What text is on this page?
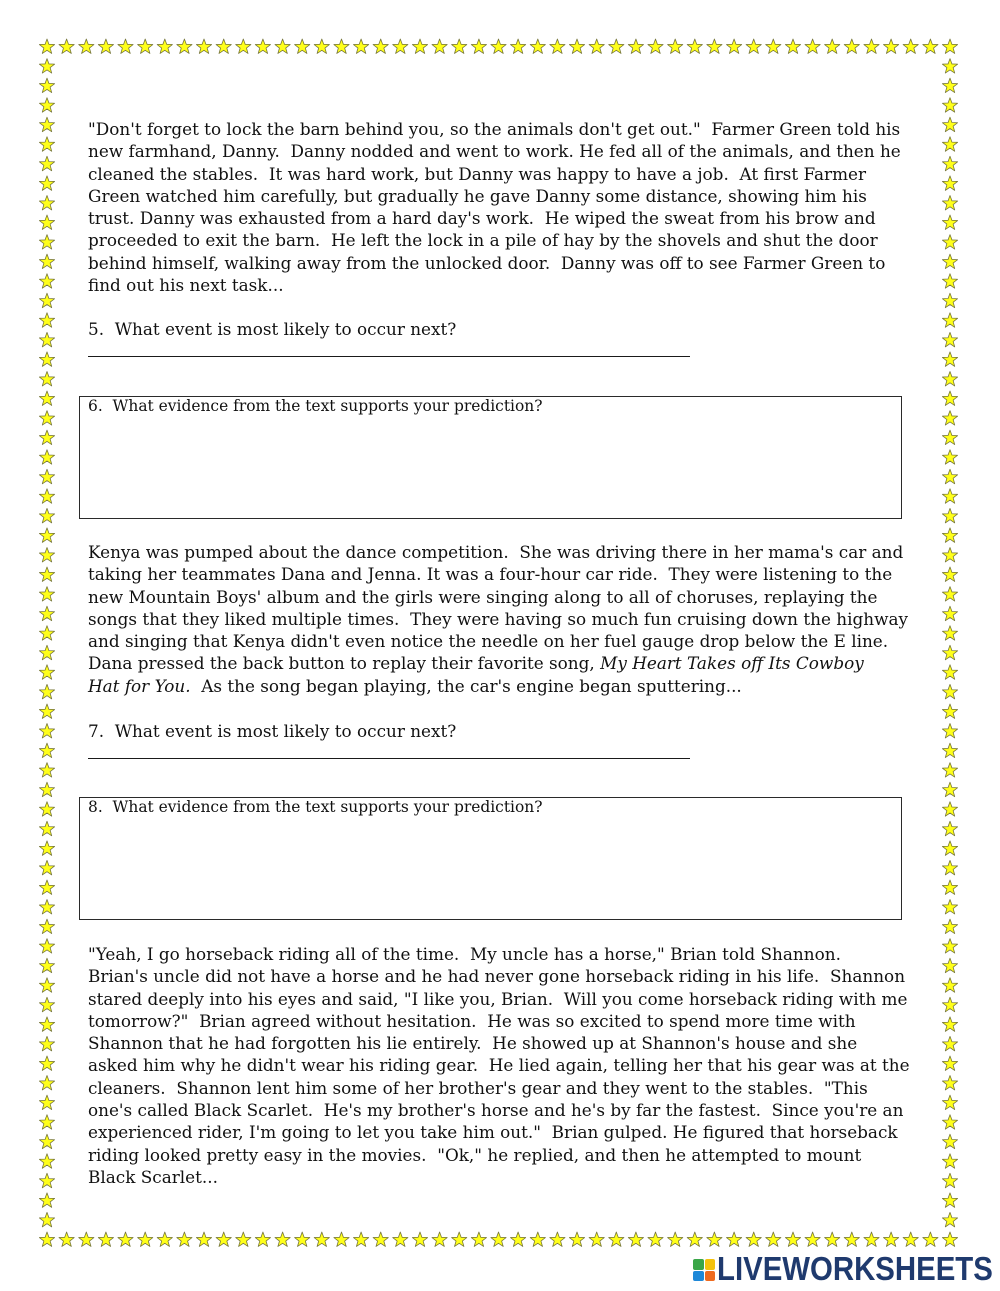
"Don't forget to lock the barn behind you, so the animals don't get out."  Farmer Green told his
new farmhand, Danny.  Danny nodded and went to work. He fed all of the animals, and then he
cleaned the stables.  It was hard work, but Danny was happy to have a job.  At first Farmer
Green watched him carefully, but gradually he gave Danny some distance, showing him his
trust. Danny was exhausted from a hard day's work.  He wiped the sweat from his brow and
proceeded to exit the barn.  He left the lock in a pile of hay by the shovels and shut the door
behind himself, walking away from the unlocked door.  Danny was off to see Farmer Green to
find out his next task...
5.  What event is most likely to occur next?
6.  What evidence from the text supports your prediction?
Kenya was pumped about the dance competition.  She was driving there in her mama's car and
taking her teammates Dana and Jenna. It was a four-hour car ride.  They were listening to the
new Mountain Boys' album and the girls were singing along to all of choruses, replaying the
songs that they liked multiple times.  They were having so much fun cruising down the highway
and singing that Kenya didn't even notice the needle on her fuel gauge drop below the E line.
Dana pressed the back button to replay their favorite song, My Heart Takes off Its Cowboy
Hat for You.  As the song began playing, the car's engine began sputtering...
7.  What event is most likely to occur next?
8.  What evidence from the text supports your prediction?
"Yeah, I go horseback riding all of the time.  My uncle has a horse," Brian told Shannon.
Brian's uncle did not have a horse and he had never gone horseback riding in his life.  Shannon
stared deeply into his eyes and said, "I like you, Brian.  Will you come horseback riding with me
tomorrow?"  Brian agreed without hesitation.  He was so excited to spend more time with
Shannon that he had forgotten his lie entirely.  He showed up at Shannon's house and she
asked him why he didn't wear his riding gear.  He lied again, telling her that his gear was at the
cleaners.  Shannon lent him some of her brother's gear and they went to the stables.  "This
one's called Black Scarlet.  He's my brother's horse and he's by far the fastest.  Since you're an
experienced rider, I'm going to let you take him out."  Brian gulped. He figured that horseback
riding looked pretty easy in the movies.  "Ok," he replied, and then he attempted to mount
Black Scarlet...
LIVEWORKSHEETS
